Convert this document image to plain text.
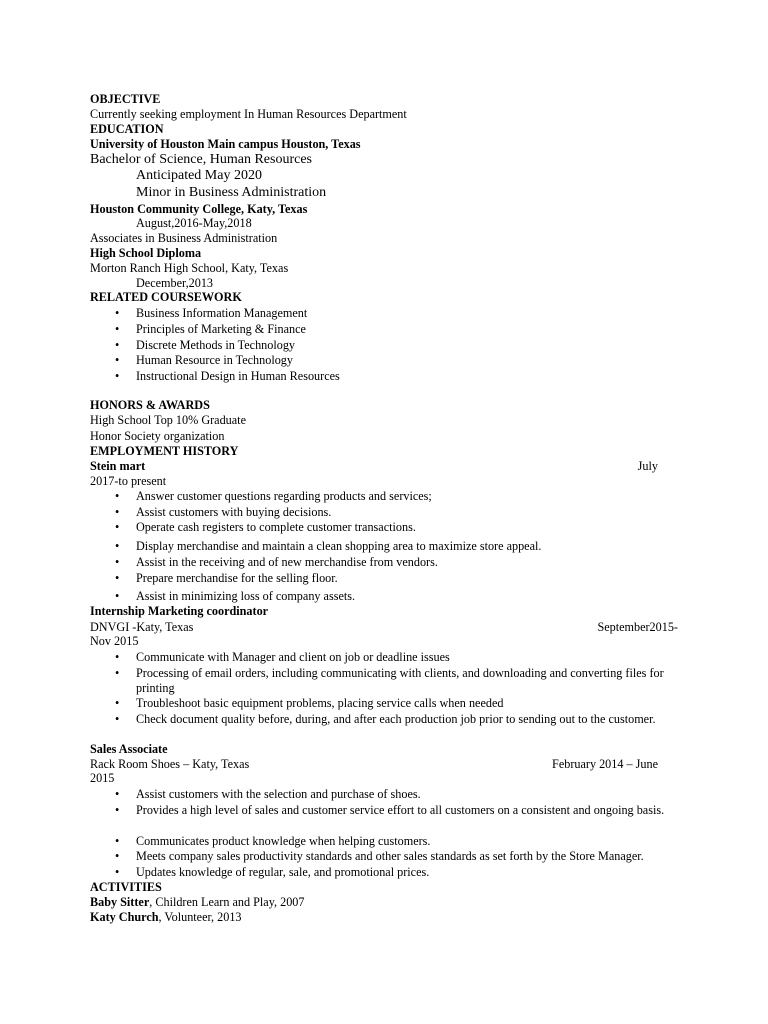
OBJECTIVE
Currently seeking employment In Human Resources Department
EDUCATION
University of Houston Main campus Houston, Texas
Bachelor of Science, Human Resources
Anticipated May 2020
Minor in Business Administration
Houston Community College, Katy, Texas
August,2016-May,2018
Associates in Business Administration
High School Diploma
Morton Ranch High School, Katy, Texas
December,2013
RELATED COURSEWORK
• Business Information Management
• Principles of Marketing & Finance
• Discrete Methods in Technology
• Human Resource in Technology
• Instructional Design in Human Resources
HONORS & AWARDS
High School Top 10% Graduate
Honor Society organization
EMPLOYMENT HISTORY
Stein mart	July
2017-to present
• Answer customer questions regarding products and services;
• Assist customers with buying decisions.
• Operate cash registers to complete customer transactions.
• Display merchandise and maintain a clean shopping area to maximize store appeal.
• Assist in the receiving and of new merchandise from vendors.
• Prepare merchandise for the selling floor.
• Assist in minimizing loss of company assets.
Internship Marketing coordinator
DNVGI -Katy, Texas	September2015-
Nov 2015
• Communicate with Manager and client on job or deadline issues
• Processing of email orders, including communicating with clients, and downloading and converting files for printing
• Troubleshoot basic equipment problems, placing service calls when needed
• Check document quality before, during, and after each production job prior to sending out to the customer.
Sales Associate
Rack Room Shoes – Katy, Texas	February 2014 – June
2015
• Assist customers with the selection and purchase of shoes.
• Provides a high level of sales and customer service effort to all customers on a consistent and ongoing basis.
• Communicates product knowledge when helping customers.
• Meets company sales productivity standards and other sales standards as set forth by the Store Manager.
• Updates knowledge of regular, sale, and promotional prices.
ACTIVITIES
Baby Sitter, Children Learn and Play, 2007
Katy Church, Volunteer, 2013
